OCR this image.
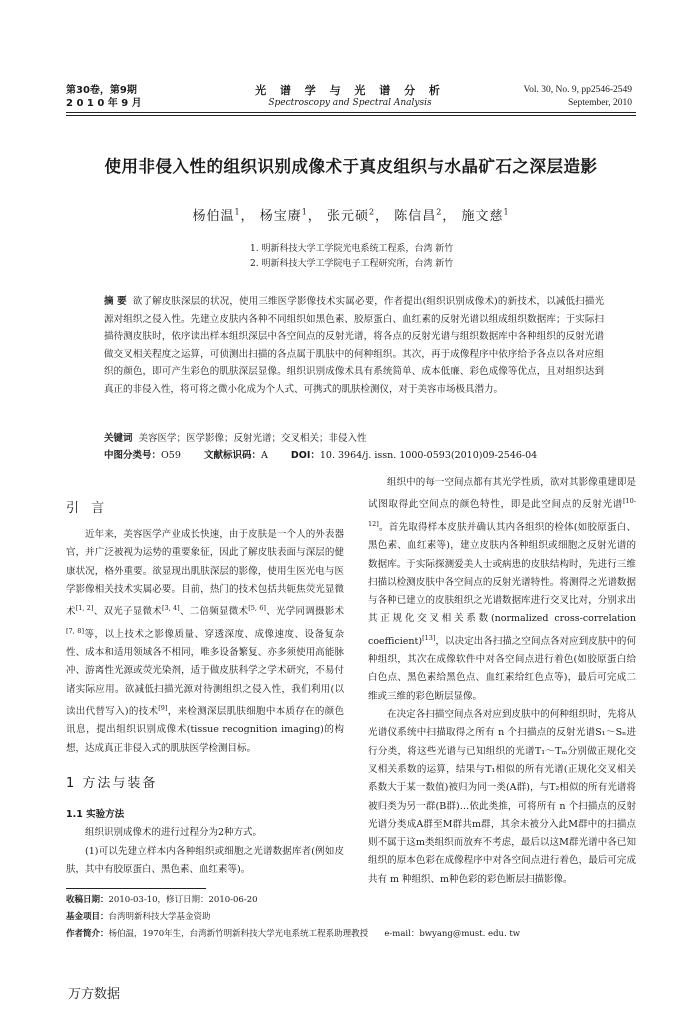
第30卷，第9期
2 0 1 0 年 9 月
光 谱 学 与 光 谱 分 析
Spectroscopy and Spectral Analysis
Vol. 30, No. 9, pp2546-2549
September, 2010
使用非侵入性的组织识别成像术于真皮组织与水晶矿石之深层造影
杨伯温$^1$， 杨宝赓$^1$， 张元硕$^2$， 陈信昌$^2$， 施文慈$^1$
1. 明新科技大学工学院光电系统工程系，台湾 新竹
2. 明新科技大学工学院电子工程研究所，台湾 新竹
摘 要 欲了解皮肤深层的状况，使用三维医学影像技术实属必要，作者提出(组织识别成像术)的新技术，以减低扫描光源对组织之侵入性。先建立皮肤内各种不同组织如黑色素、胶原蛋白、血红素的反射光谱以组成组织数据库；于实际扫描待测皮肤时，依序读出样本组织深层中各空间点的反射光谱，将各点的反射光谱与组织数据库中各种组织的反射光谱做交叉相关程度之运算，可侦测出扫描的各点属于肌肤中的何种组织。其次，再于成像程序中依序给予各点以各对应组织的颜色，即可产生彩色的肌肤深层显像。组织识别成像术具有系统简单、成本低廉、彩色成像等优点，且对组织达到真正的非侵入性，将可将之微小化成为个人式、可携式的肌肤检测仪，对于美容市场极具潜力。
关键词 美容医学；医学影像；反射光谱；交叉相关；非侵入性
中图分类号：O59 文献标识码：A DOI：10. 3964/j. issn. 1000-0593(2010)09-2546-04
引 言

近年来，美容医学产业成长快速，由于皮肤是一个人的外表器官，并广泛被视为运势的重要象征，因此了解皮肤表面与深层的健康状况，格外重要。欲显现出肌肤深层的影像，使用生医光电与医学影像相关技术实属必要。目前，热门的技术包括共轭焦荧光显微术[1, 2]、双光子显微术[3, 4]、二倍频显微术[5, 6]、光学同调摄影术[7, 8]等，以上技术之影像质量、穿透深度、成像速度、设备复杂性、成本和适用领域各不相同，唯多设备繁复、亦多须使用高能脉冲、游离性光源或荧光染剂，适于做皮肤科学之学术研究，不易付诸实际应用。欲减低扫描光源对待测组织之侵入性，我们利用(以读出代替写入)的技术[9]，来检测深层肌肤细胞中本质存在的颜色讯息，提出组织识别成像术(tissue recognition imaging)的构想，达成真正非侵入式的肌肤医学检测目标。

1 方法与装备

1.1 实验方法

组织识别成像术的进行过程分为2种方式。

(1)可以先建立样本内各种组织或细胞之光谱数据库者(例如皮肤，其中有胶原蛋白、黑色素、血红素等)。

组织中的每一空间点都有其光学性质，欲对其影像重建即是试图取得此空间点的颜色特性，即是此空间点的反射光谱[10-12]。首先取得样本皮肤并确认其内各组织的检体(如胶原蛋白、黑色素、血红素等)，建立皮肤内各种组织或细胞之反射光谱的数据库。于实际探测爱美人士或病患的皮肤结构时，先进行三维扫描以检测皮肤中各空间点的反射光谱特性。将测得之光谱数据与各种已建立的皮肤组织之光谱数据库进行交叉比对，分别求出其正规化交叉相关系数(normalized cross-correlation coefficient)[13]，以决定出各扫描之空间点各对应到皮肤中的何种组织，其次在成像软件中对各空间点进行着色(如胶原蛋白给白色点、黑色素给黑色点、血红素给红色点等)，最后可完成二维或三维的彩色断层显像。

在决定各扫描空间点各对应到皮肤中的何种组织时，先将从光谱仪系统中扫描取得之所有 n 个扫描点的反射光谱S₁～Sₙ进行分类，将这些光谱与已知组织的光谱T₁～Tₘ分别做正规化交叉相关系数的运算，结果与T₁相似的所有光谱(正规化交叉相关系数大于某一数值)被归为同一类(A群)，与T₂相似的所有光谱将被归类为另一群(B群)…依此类推，可将所有 n 个扫描点的反射光谱分类成A群至M群共m群，其余未被分入此M群中的扫描点则不属于这m类组织而放弃不考虑，最后以这M群光谱中各已知组织的原本色彩在成像程序中对各空间点进行着色，最后可完成共有 m 种组织、m种色彩的彩色断层扫描影像。

收稿日期：2010-03-10，修订日期：2010-06-20
基金项目：台湾明新科技大学基金资助
作者简介：杨伯温，1970年生，台湾新竹明新科技大学光电系统工程系助理教授      e-mail：bwyang@must. edu. tw
万方数据
